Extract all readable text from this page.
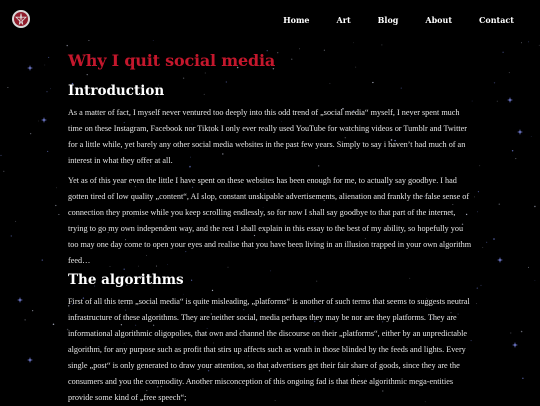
Home	Art	Blog	About	Contact
Why I quit social media
Introduction

As a matter of fact, I myself never ventured too deeply into this odd trend of „social media“ myself, I never spent much time on these Instagram, Facebook nor Tiktok I only ever really used YouTube for watching videos or Tumblr and Twitter for a little while, yet barely any other social media websites in the past few years. Simply to say i haven’t had much of an interest in what they offer at all.

Yet as of this year even the little I have spent on these websites has been enough for me, to actually say goodbye. I had gotten tired of low quality „content“, AI slop, constant unskipable advertisements, alienation and frankly the false sense of connection they promise while you keep scrolling endlessly, so for now I shall say goodbye to that part of the internet, trying to go my own independent way, and the rest I shall explain in this essay to the best of my ability, so hopefully you too may one day come to open your eyes and realise that you have been living in an illusion trapped in your own algorithm feed…

The algorithms

First of all this term „social media“ is quite misleading, „platforms“ is another of such terms that seems to suggests neutral infrastructure of these algorithms. They are neither social, media perhaps they may be nor are they platforms. They are informational algorithmic oligopolies, that own and channel the discourse on their „platforms“, either by an unpredictable algorithm, for any purpose such as profit that stirs up affects such as wrath in those blinded by the feeds and lights. Every single „post“ is only generated to draw your attention, so that advertisers get their fair share of goods, since they are the consumers and you the commodity. Another misconception of this ongoing fad is that these algorithmic mega-entities provide some kind of „free speech“;
